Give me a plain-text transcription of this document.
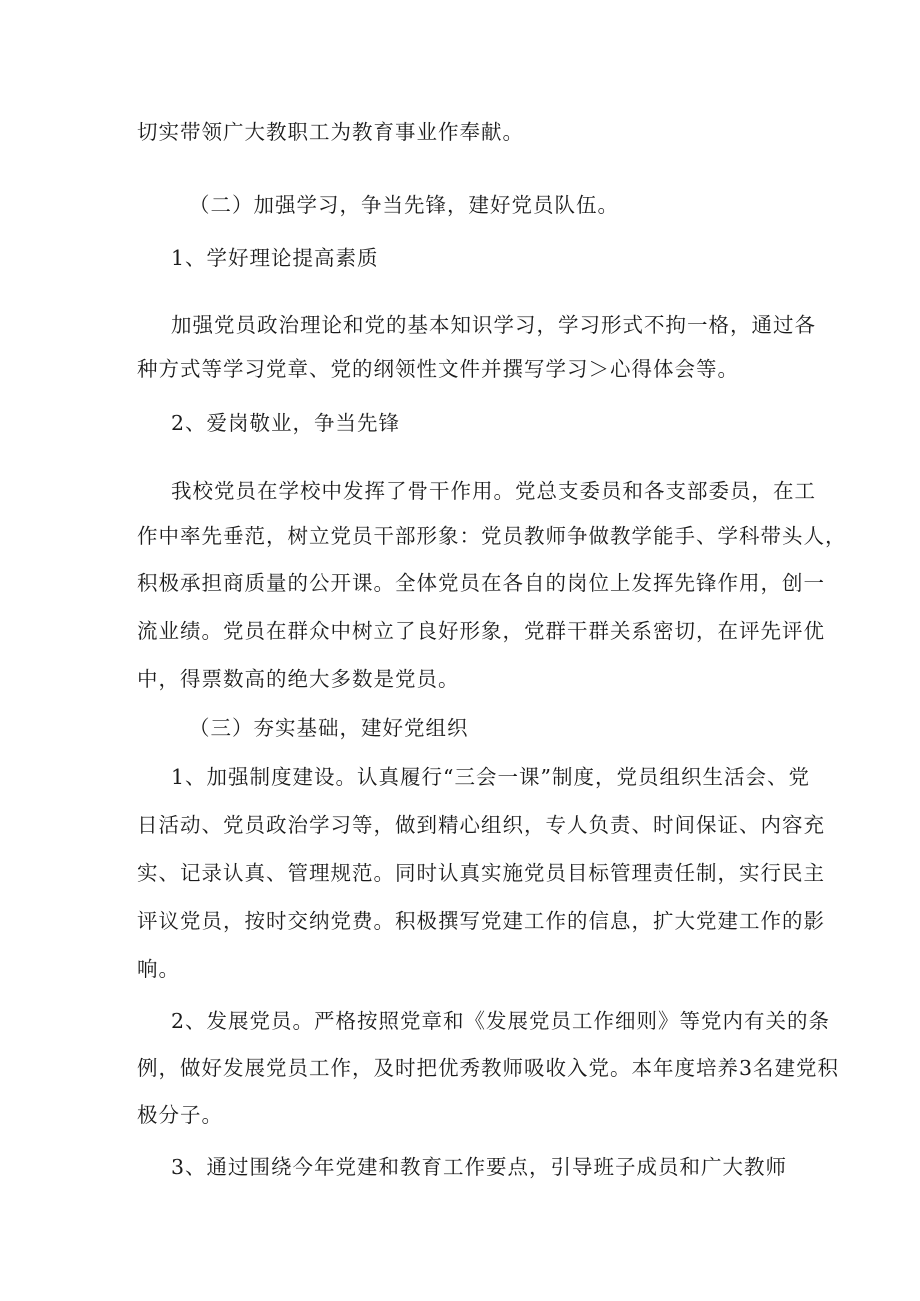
切实带领广大教职工为教育事业作奉献。

（二）加强学习，争当先锋，建好党员队伍。

1、学好理论提高素质

加强党员政治理论和党的基本知识学习，学习形式不拘一格，通过各

种方式等学习党章、党的纲领性文件并撰写学习＞心得体会等。

2、爱岗敬业，争当先锋

我校党员在学校中发挥了骨干作用。党总支委员和各支部委员，在工

作中率先垂范，树立党员干部形象：党员教师争做教学能手、学科带头人，

积极承担商质量的公开课。全体党员在各自的岗位上发挥先锋作用，创一

流业绩。党员在群众中树立了良好形象，党群干群关系密切，在评先评优

中，得票数高的绝大多数是党员。

（三）夯实基础，建好党组织

1、加强制度建设。认真履行“三会一课”制度，党员组织生活会、党

日活动、党员政治学习等，做到精心组织，专人负责、时间保证、内容充

实、记录认真、管理规范。同时认真实施党员目标管理责任制，实行民主

评议党员，按时交纳党费。积极撰写党建工作的信息，扩大党建工作的影

响。

2、发展党员。严格按照党章和《发展党员工作细则》等党内有关的条

例，做好发展党员工作，及时把优秀教师吸收入党。本年度培养3名建党积

极分子。

3、通过围绕今年党建和教育工作要点，引导班子成员和广大教师
